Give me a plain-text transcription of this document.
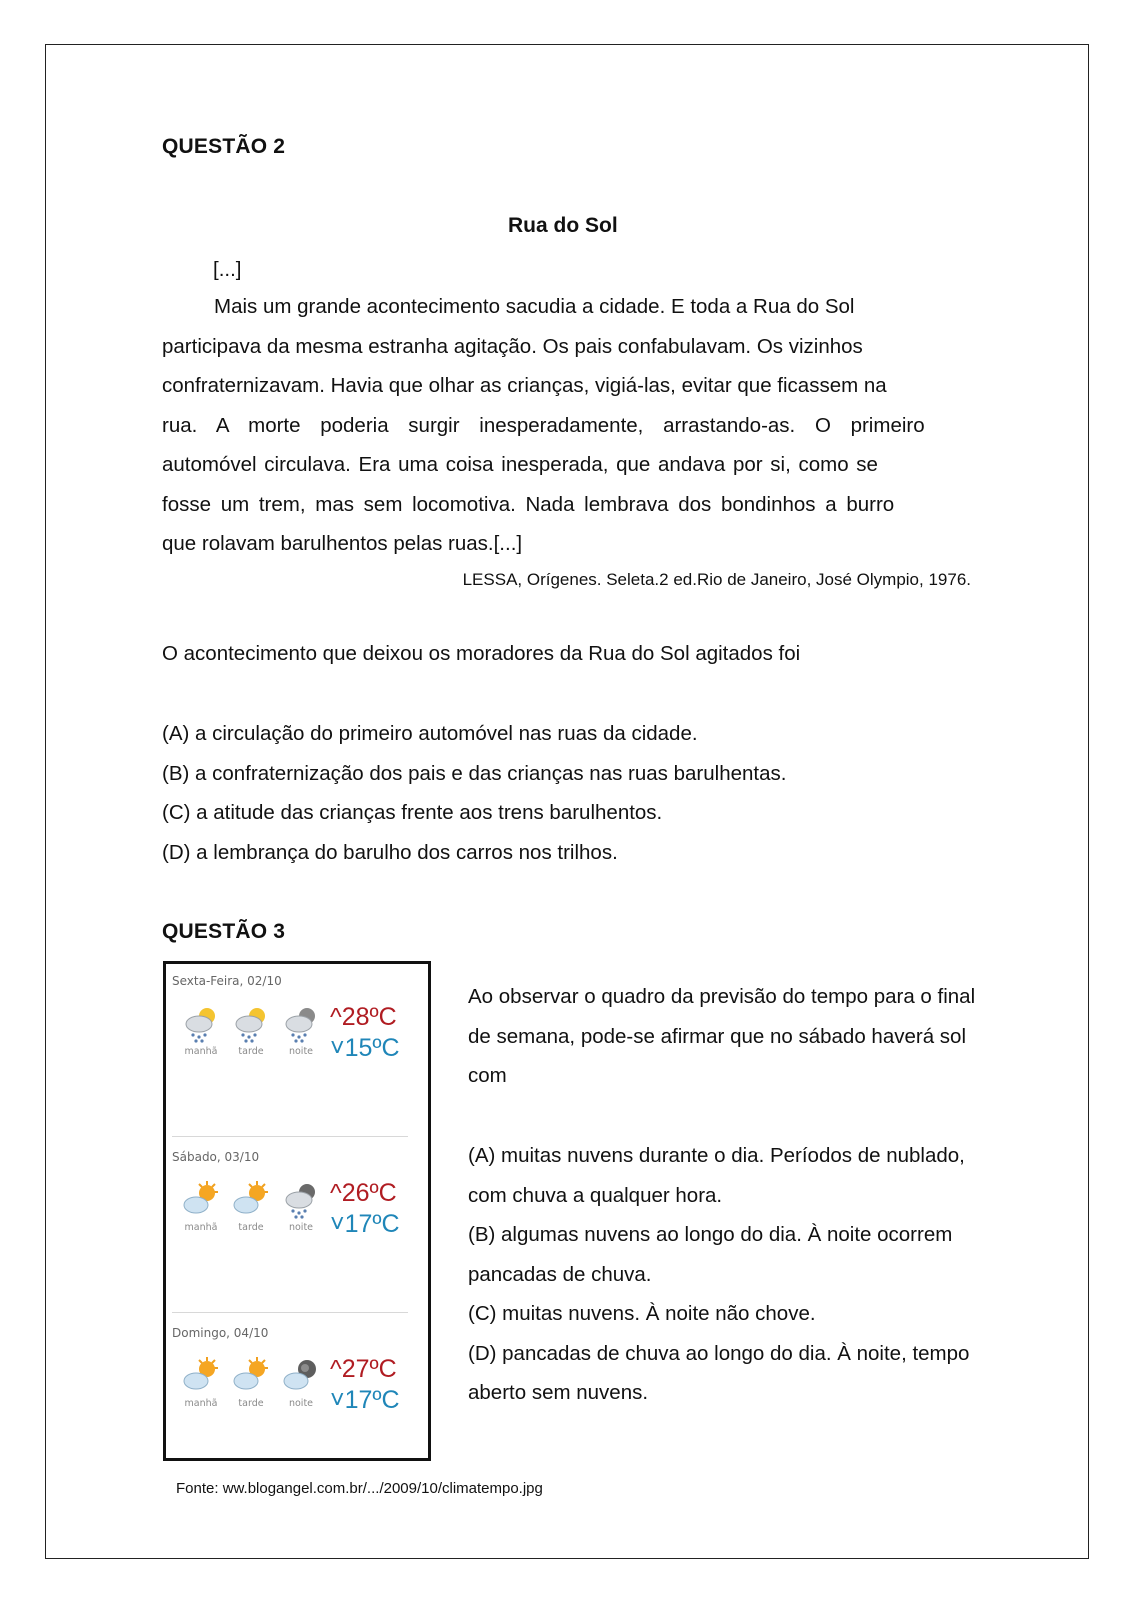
QUESTÃO 2
Rua do Sol
[...]
Mais um grande acontecimento sacudia a cidade. E toda a Rua do Sol
participava da mesma estranha agitação. Os pais confabulavam. Os vizinhos
confraternizavam. Havia que olhar as crianças, vigiá-las, evitar que ficassem na
rua. A morte poderia surgir inesperadamente, arrastando-as. O primeiro
automóvel circulava. Era uma coisa inesperada, que andava por si, como se
fosse um trem, mas sem locomotiva. Nada lembrava dos bondinhos a burro
que rolavam barulhentos pelas ruas.[...]
LESSA, Orígenes. Seleta.2 ed.Rio de Janeiro, José Olympio, 1976.
O acontecimento que deixou os moradores da Rua do Sol agitados foi
(A) a circulação do primeiro automóvel nas ruas da cidade.
(B) a confraternização dos pais e das crianças nas ruas barulhentas.
(C) a atitude das crianças frente aos trens barulhentos.
(D) a lembrança do barulho dos carros nos trilhos.
QUESTÃO 3
Sexta-Feira, 02/10
manhã tarde	noite
^28ºC
˅15ºC
Sábado, 03/10
manhã tarde	noite
^26ºC
˅17ºC
Domingo, 04/10
manhã tarde	noite
^27ºC
˅17ºC
Ao observar o quadro da previsão do tempo para o final
de semana, pode-se afirmar que no sábado haverá sol
com
(A) muitas nuvens durante o dia. Períodos de nublado,
com chuva a qualquer hora.
(B) algumas nuvens ao longo do dia. À noite ocorrem
pancadas de chuva.
(C) muitas nuvens. À noite não chove.
(D) pancadas de chuva ao longo do dia. À noite, tempo
aberto sem nuvens.
Fonte: ww.blogangel.com.br/.../2009/10/climatempo.jpg
